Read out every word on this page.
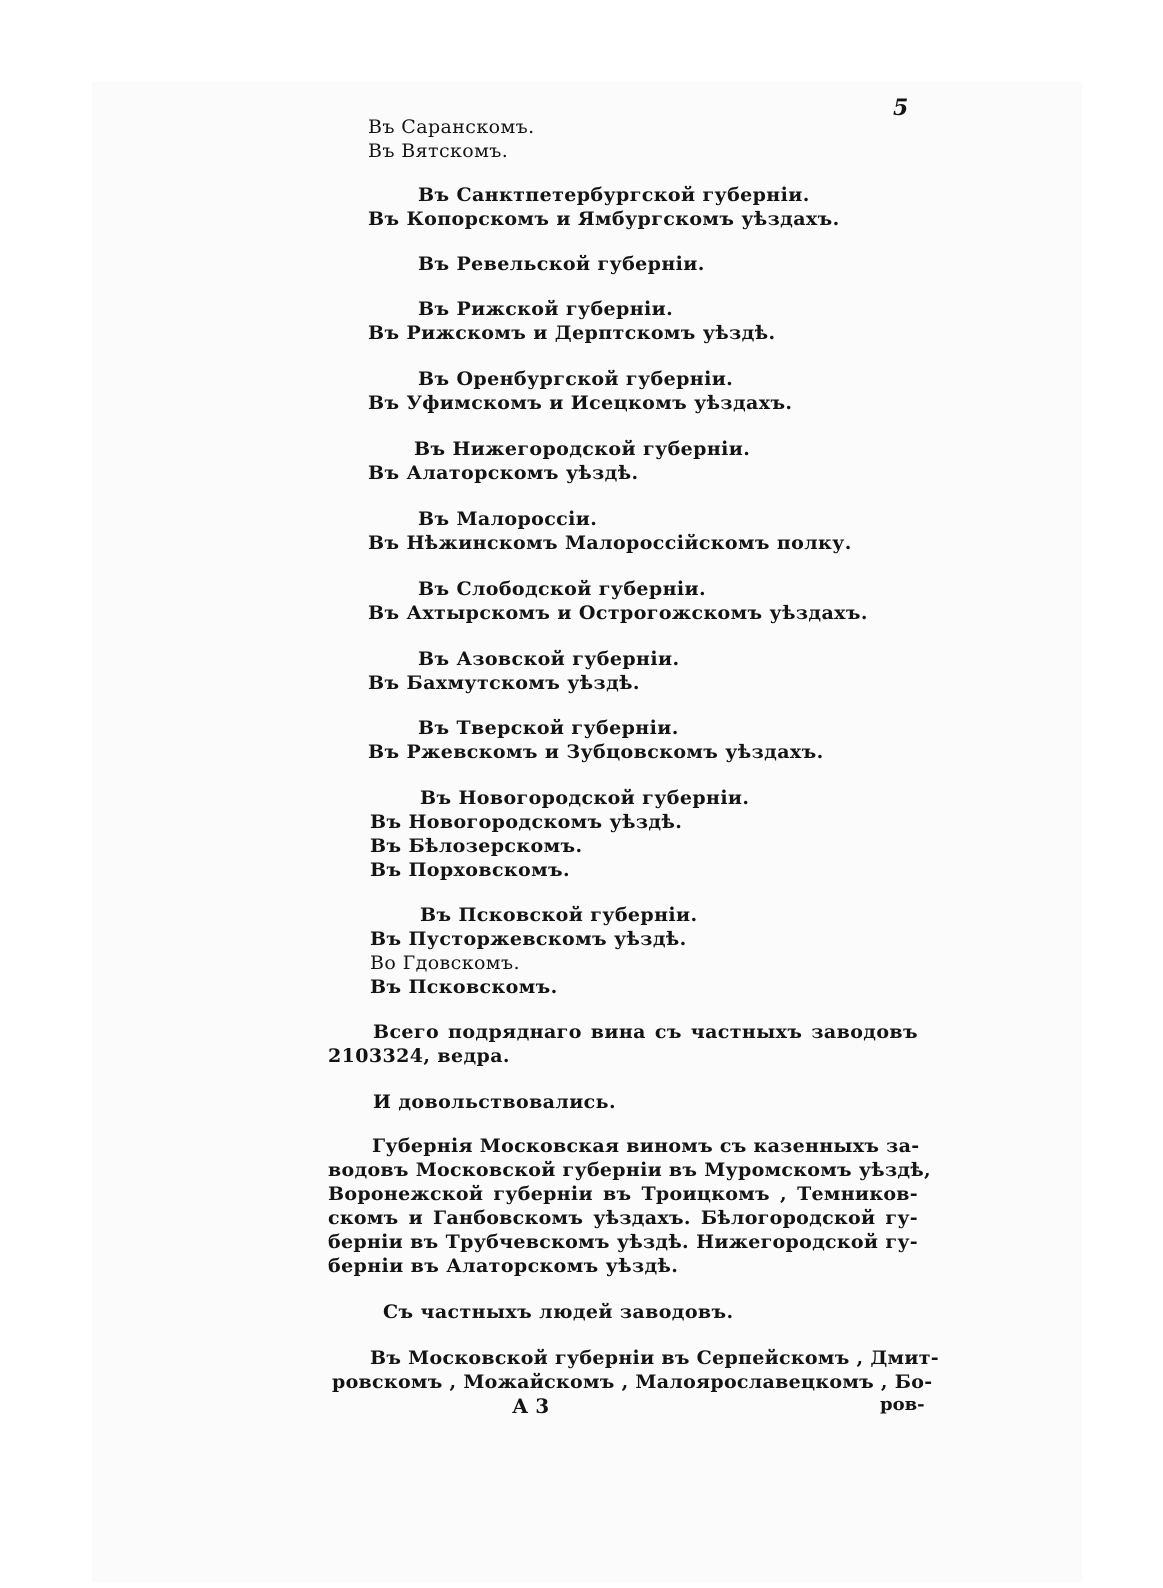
5
Въ Саранскомъ.
Въ Вятскомъ.
Въ Санктпетербургской губерніи.
Въ Копорскомъ и Ямбургскомъ уѣздахъ.
Въ Ревельской губерніи.
Въ Рижской губерніи.
Въ Рижскомъ и Дерптскомъ уѣздѣ.
Въ Оренбургской губерніи.
Въ Уфимскомъ и Исецкомъ уѣздахъ.
Въ Нижегородской губерніи.
Въ Алаторскомъ уѣздѣ.
Въ Малороссіи.
Въ Нѣжинскомъ Малороссійскомъ полку.
Въ Слободской губерніи.
Въ Ахтырскомъ и Острогожскомъ уѣздахъ.
Въ Азовской губерніи.
Въ Бахмутскомъ уѣздѣ.
Въ Тверской губерніи.
Въ Ржевскомъ и Зубцовскомъ уѣздахъ.
Въ Новогородской губерніи.
Въ Новогородскомъ уѣздѣ.
Въ Бѣлозерскомъ.
Въ Порховскомъ.
Въ Псковской губерніи.
Въ Пусторжевскомъ уѣздѣ.
Во Гдовскомъ.
Въ Псковскомъ.
Всего подряднаго вина съ частныхъ заводовъ
2103324, ведра.
И довольствовались.
Губернія Московская виномъ съ казенныхъ за-
водовъ Московской губерніи въ Муромскомъ уѣздѣ,
Воронежской губерніи въ Троицкомъ , Темников-
скомъ и Ганбовскомъ уѣздахъ. Бѣлогородской гу-
берніи въ Трубчевскомъ уѣздѣ. Нижегородской гу-
берніи въ Алаторскомъ уѣздѣ.
Съ частныхъ людей заводовъ.
Въ Московской губерніи въ Серпейскомъ , Дмит-
ровскомъ , Можайскомъ , Малоярославецкомъ , Бо-
А 3	ров-
